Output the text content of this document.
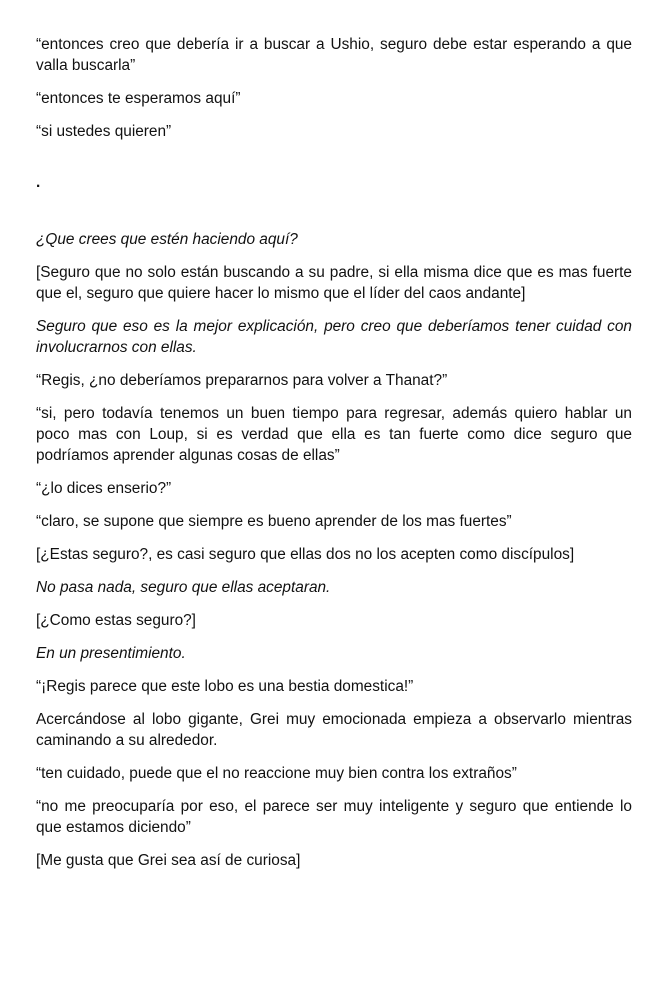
“entonces creo que debería ir a buscar a Ushio, seguro debe estar esperando a que valla buscarla”

“entonces te esperamos aquí”

“si ustedes quieren”

.

¿Que crees que estén haciendo aquí?

[Seguro que no solo están buscando a su padre, si ella misma dice que es mas fuerte que el, seguro que quiere hacer lo mismo que el líder del caos andante]

Seguro que eso es la mejor explicación, pero creo que deberíamos tener cuidad con involucrarnos con ellas.

“Regis, ¿no deberíamos prepararnos para volver a Thanat?”

“si, pero todavía tenemos un buen tiempo para regresar, además quiero hablar un poco mas con Loup, si es verdad que ella es tan fuerte como dice seguro que podríamos aprender algunas cosas de ellas”

“¿lo dices enserio?”

“claro, se supone que siempre es bueno aprender de los mas fuertes”

[¿Estas seguro?, es casi seguro que ellas dos no los acepten como discípulos]

No pasa nada, seguro que ellas aceptaran.

[¿Como estas seguro?]

En un presentimiento.

“¡Regis parece que este lobo es una bestia domestica!”

Acercándose al lobo gigante, Grei muy emocionada empieza a observarlo mientras caminando a su alrededor.

“ten cuidado, puede que el no reaccione muy bien contra los extraños”

“no me preocuparía por eso, el parece ser muy inteligente y seguro que entiende lo que estamos diciendo”

[Me gusta que Grei sea así de curiosa]
